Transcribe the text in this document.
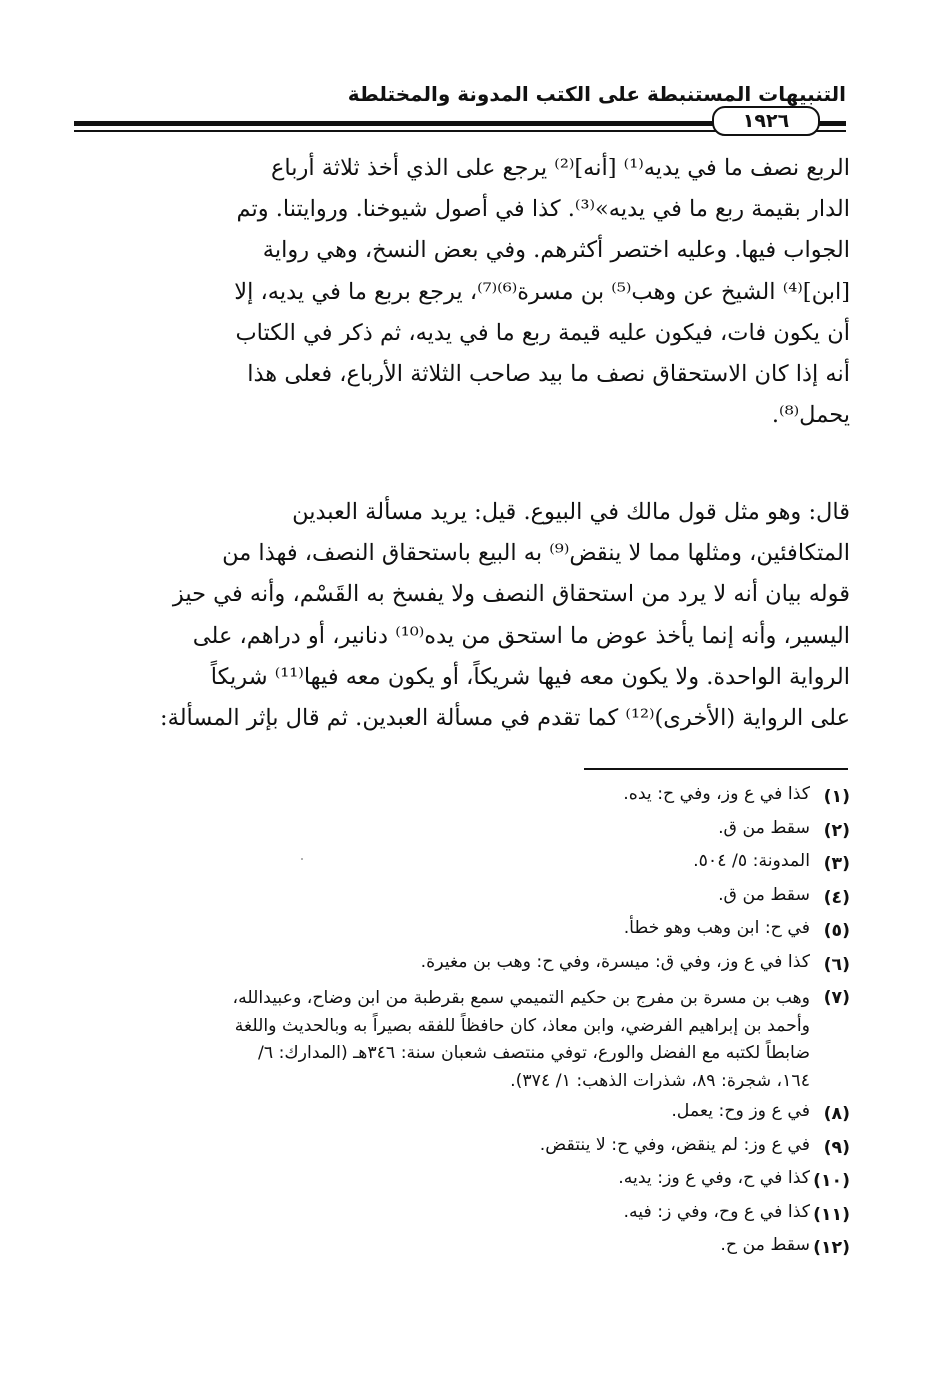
التنبيهات المستنبطة على الكتب المدونة والمختلطة
١٩٢٦
الربع نصف ما في يديه⁽¹⁾ [أنه]⁽²⁾ يرجع على الذي أخذ ثلاثة أرباع
الدار بقيمة ربع ما في يديه»⁽³⁾. كذا في أصول شيوخنا. وروايتنا. وتم
الجواب فيها. وعليه اختصر أكثرهم. وفي بعض النسخ، وهي رواية
[ابن]⁽⁴⁾ الشيخ عن وهب⁽⁵⁾ بن مسرة⁽⁶⁾⁽⁷⁾، يرجع بربع ما في يديه، إلا
أن يكون فات، فيكون عليه قيمة ربع ما في يديه، ثم ذكر في الكتاب
أنه إذا كان الاستحقاق نصف ما بيد صاحب الثلاثة الأرباع، فعلى هذا
يحمل⁽⁸⁾.
قال: وهو مثل قول مالك في البيوع. قيل: يريد مسألة العبدين
المتكافئين، ومثلها مما لا ينقض⁽⁹⁾ به البيع باستحقاق النصف، فهذا من
قوله بيان أنه لا يرد من استحقاق النصف ولا يفسخ به القَسْم، وأنه في حيز
اليسير، وأنه إنما يأخذ عوض ما استحق من يده⁽¹⁰⁾ دنانير، أو دراهم، على
الرواية الواحدة. ولا يكون معه فيها شريكاً، أو يكون معه فيها⁽¹¹⁾ شريكاً
على الرواية (الأخرى)⁽¹²⁾ كما تقدم في مسألة العبدين. ثم قال بإثر المسألة:
(١)
كذا في ع وز، وفي ح: يده.
(٢)
سقط من ق.
(٣)
المدونة: ٥/ ٥٠٤.
(٤)
سقط من ق.
(٥)
في ح: ابن وهب وهو خطأ.
(٦)
كذا في ع وز، وفي ق: ميسرة، وفي ح: وهب بن مغيرة.
(٧)
وهب بن مسرة بن مفرج بن حكيم التميمي سمع بقرطبة من ابن وضاح، وعبيدالله،
وأحمد بن إبراهيم الفرضي، وابن معاذ، كان حافظاً للفقه بصيراً به وبالحديث واللغة
ضابطاً لكتبه مع الفضل والورع، توفي منتصف شعبان سنة: ٣٤٦هـ (المدارك: ٦/
١٦٤، شجرة: ٨٩، شذرات الذهب: ١/ ٣٧٤).
(٨)
في ع وز وح: يعمل.
(٩)
في ع وز: لم ينقض، وفي ح: لا ينتقض.
(١٠)
كذا في ح، وفي ع وز: يديه.
(١١)
كذا في ع وح، وفي ز: فيه.
(١٢)
سقط من ح.
